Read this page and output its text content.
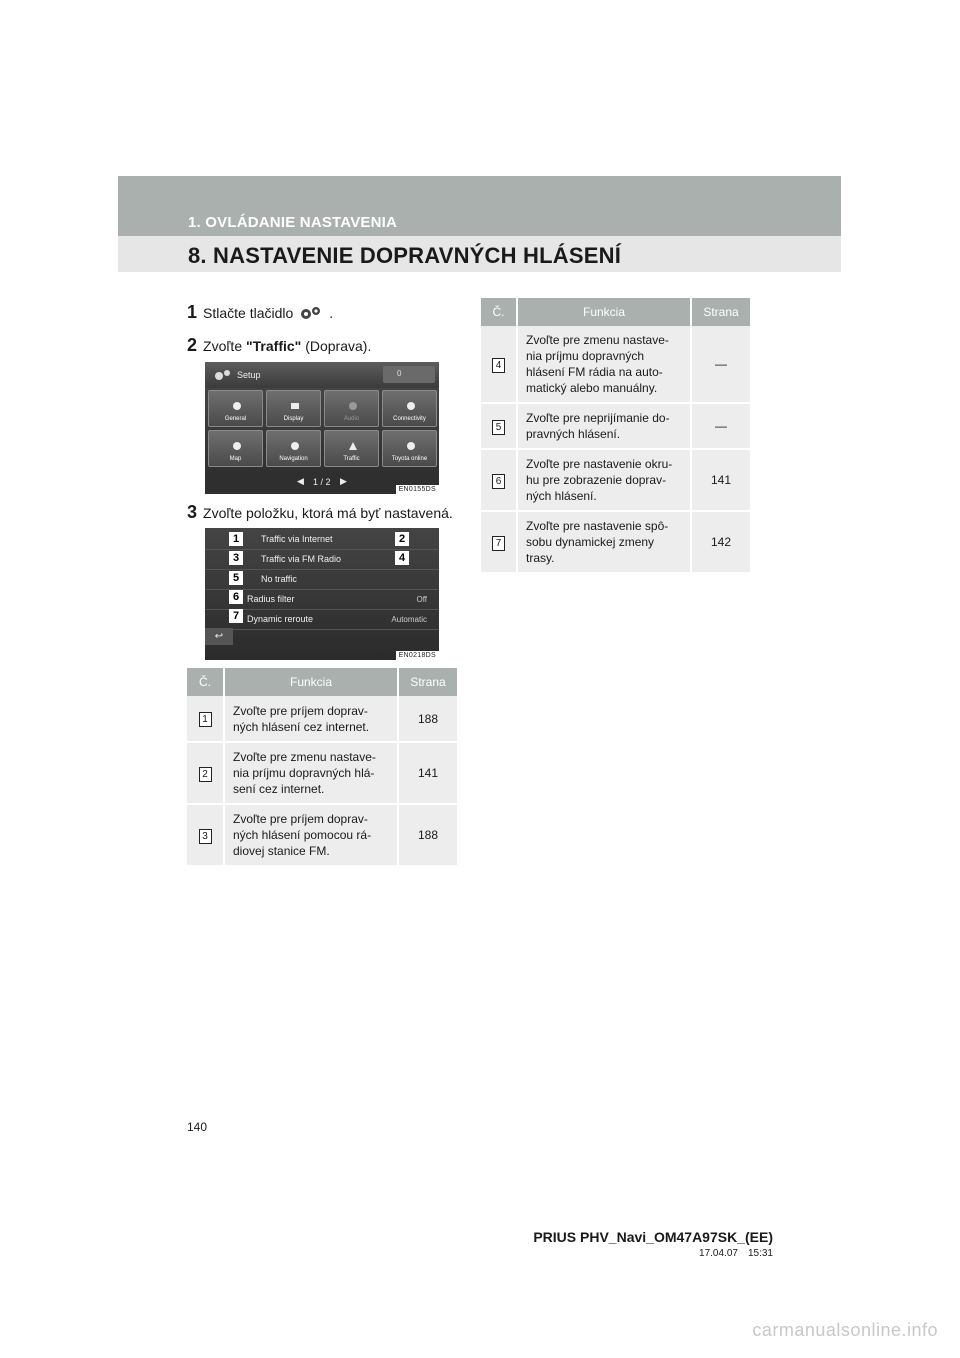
1. OVLÁDANIE NASTAVENIA
8. NASTAVENIE DOPRAVNÝCH HLÁSENÍ
1 Stlačte tlačidlo	.
2 Zvoľte "Traffic" (Doprava).
3 Zvoľte položku, ktorá má byť nastavená.
Setup	0
General	Display	Audio	Connectivity
Map	Navigation	Traffic	Toyota online
◀ 1 / 2 ▶
EN0155DS
Traffic via Internet
Traffic via FM Radio
No traffic
Radius filter	Off
Dynamic reroute	Automatic
1	2
3	4
5
6
7
↩
EN0218DS
Č.	Funkcia	Strana
1	Zvoľte pre príjem doprav-ných hlásení cez internet.	188
2	Zvoľte pre zmenu nastave-nia príjmu dopravných hlá-sení cez internet.	141
3	Zvoľte pre príjem doprav-ných hlásení pomocou rá-diovej stanice FM.	188
Č.	Funkcia	Strana
4	Zvoľte pre zmenu nastave-nia príjmu dopravných hlásení FM rádia na auto-matický alebo manuálny.	—
5	Zvoľte pre neprijímanie do-pravných hlásení.	—
6	Zvoľte pre nastavenie okru-hu pre zobrazenie doprav-ných hlásení.	141
7	Zvoľte pre nastavenie spô-sobu dynamickej zmeny trasy.	142
140
PRIUS PHV_Navi_OM47A97SK_(EE)
17.04.07 15:31
carmanualsonline.info
